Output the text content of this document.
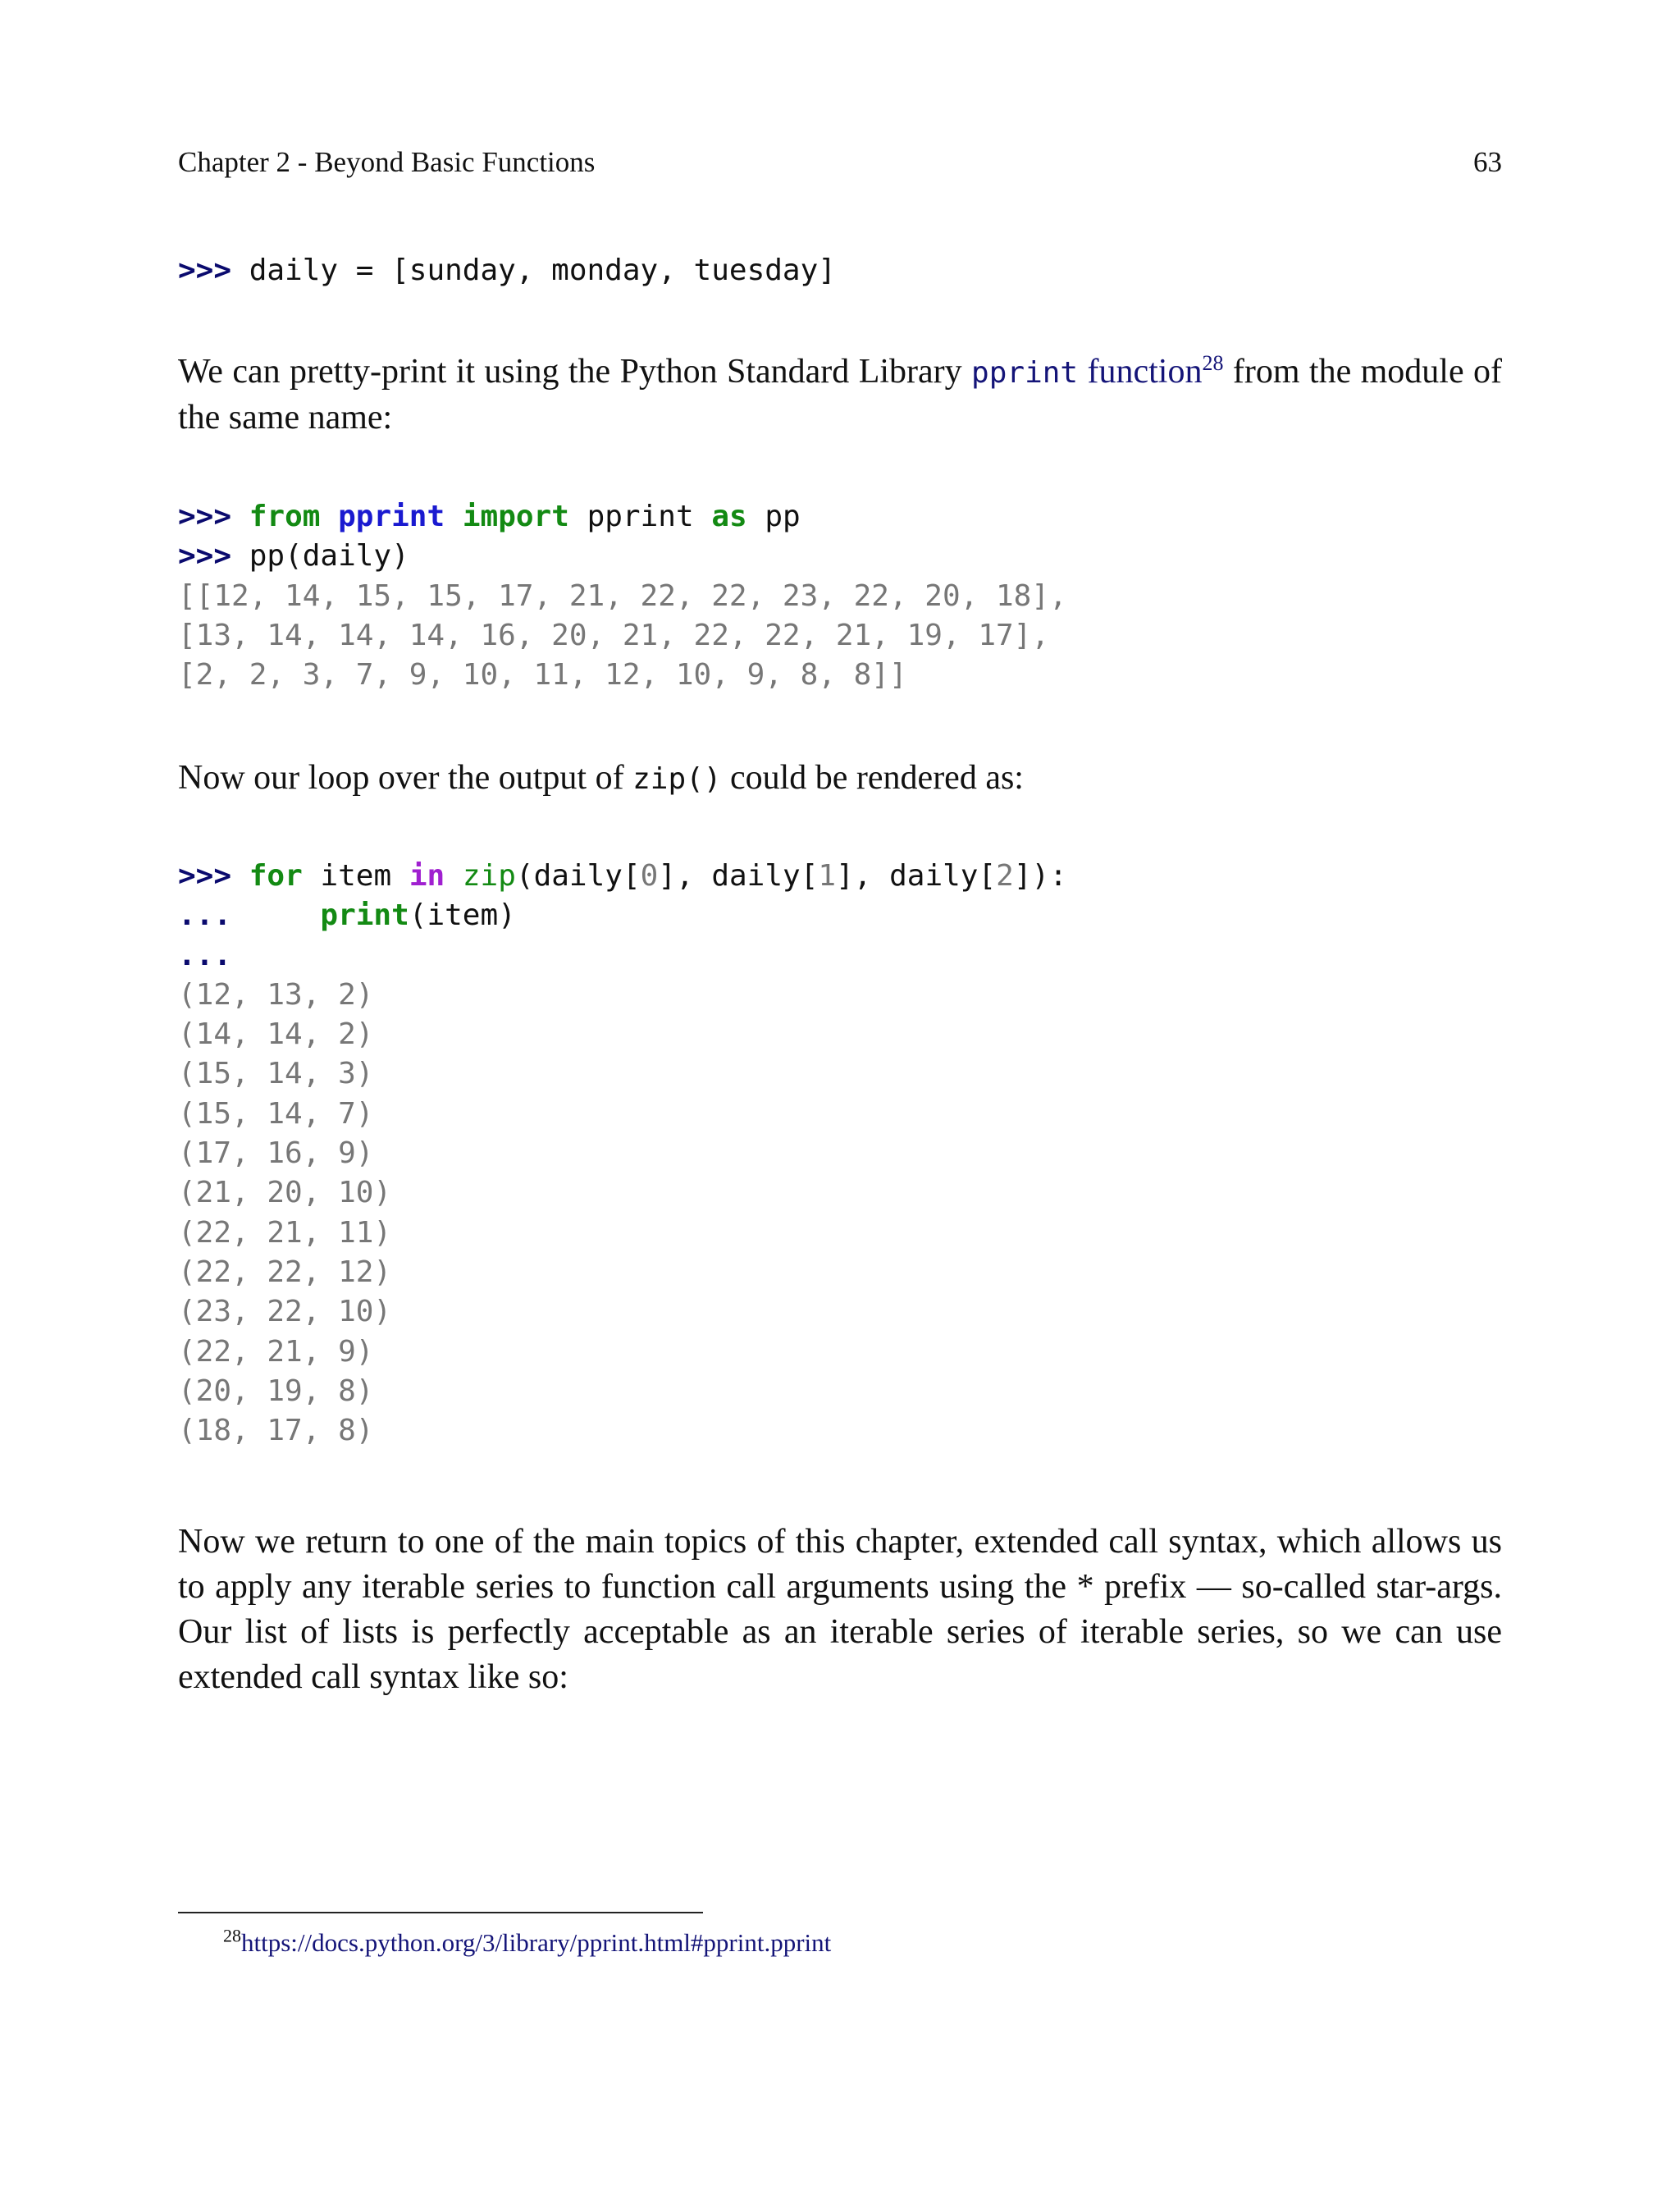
Chapter 2 - Beyond Basic Functions	63
>>> daily = [sunday, monday, tuesday]

We can pretty-print it using the Python Standard Library pprint function$^{28}$ from the module of the same name:

>>> from pprint import pprint as pp
>>> pp(daily)
[[12, 14, 15, 15, 17, 21, 22, 22, 23, 22, 20, 18],
[13, 14, 14, 14, 16, 20, 21, 22, 22, 21, 19, 17],
[2, 2, 3, 7, 9, 10, 11, 12, 10, 9, 8, 8]]

Now our loop over the output of zip() could be rendered as:

>>> for item in zip(daily[0], daily[1], daily[2]):
...	print(item)
...
(12, 13, 2)
(14, 14, 2)
(15, 14, 3)
(15, 14, 7)
(17, 16, 9)
(21, 20, 10)
(22, 21, 11)
(22, 22, 12)
(23, 22, 10)
(22, 21, 9)
(20, 19, 8)
(18, 17, 8)

Now we return to one of the main topics of this chapter, extended call syntax, which allows us to apply any iterable series to function call arguments using the * prefix — so-called star-args. Our list of lists is perfectly acceptable as an iterable series of iterable series, so we can use extended call syntax like so:

$^{28}$https://docs.python.org/3/library/pprint.html#pprint.pprint
